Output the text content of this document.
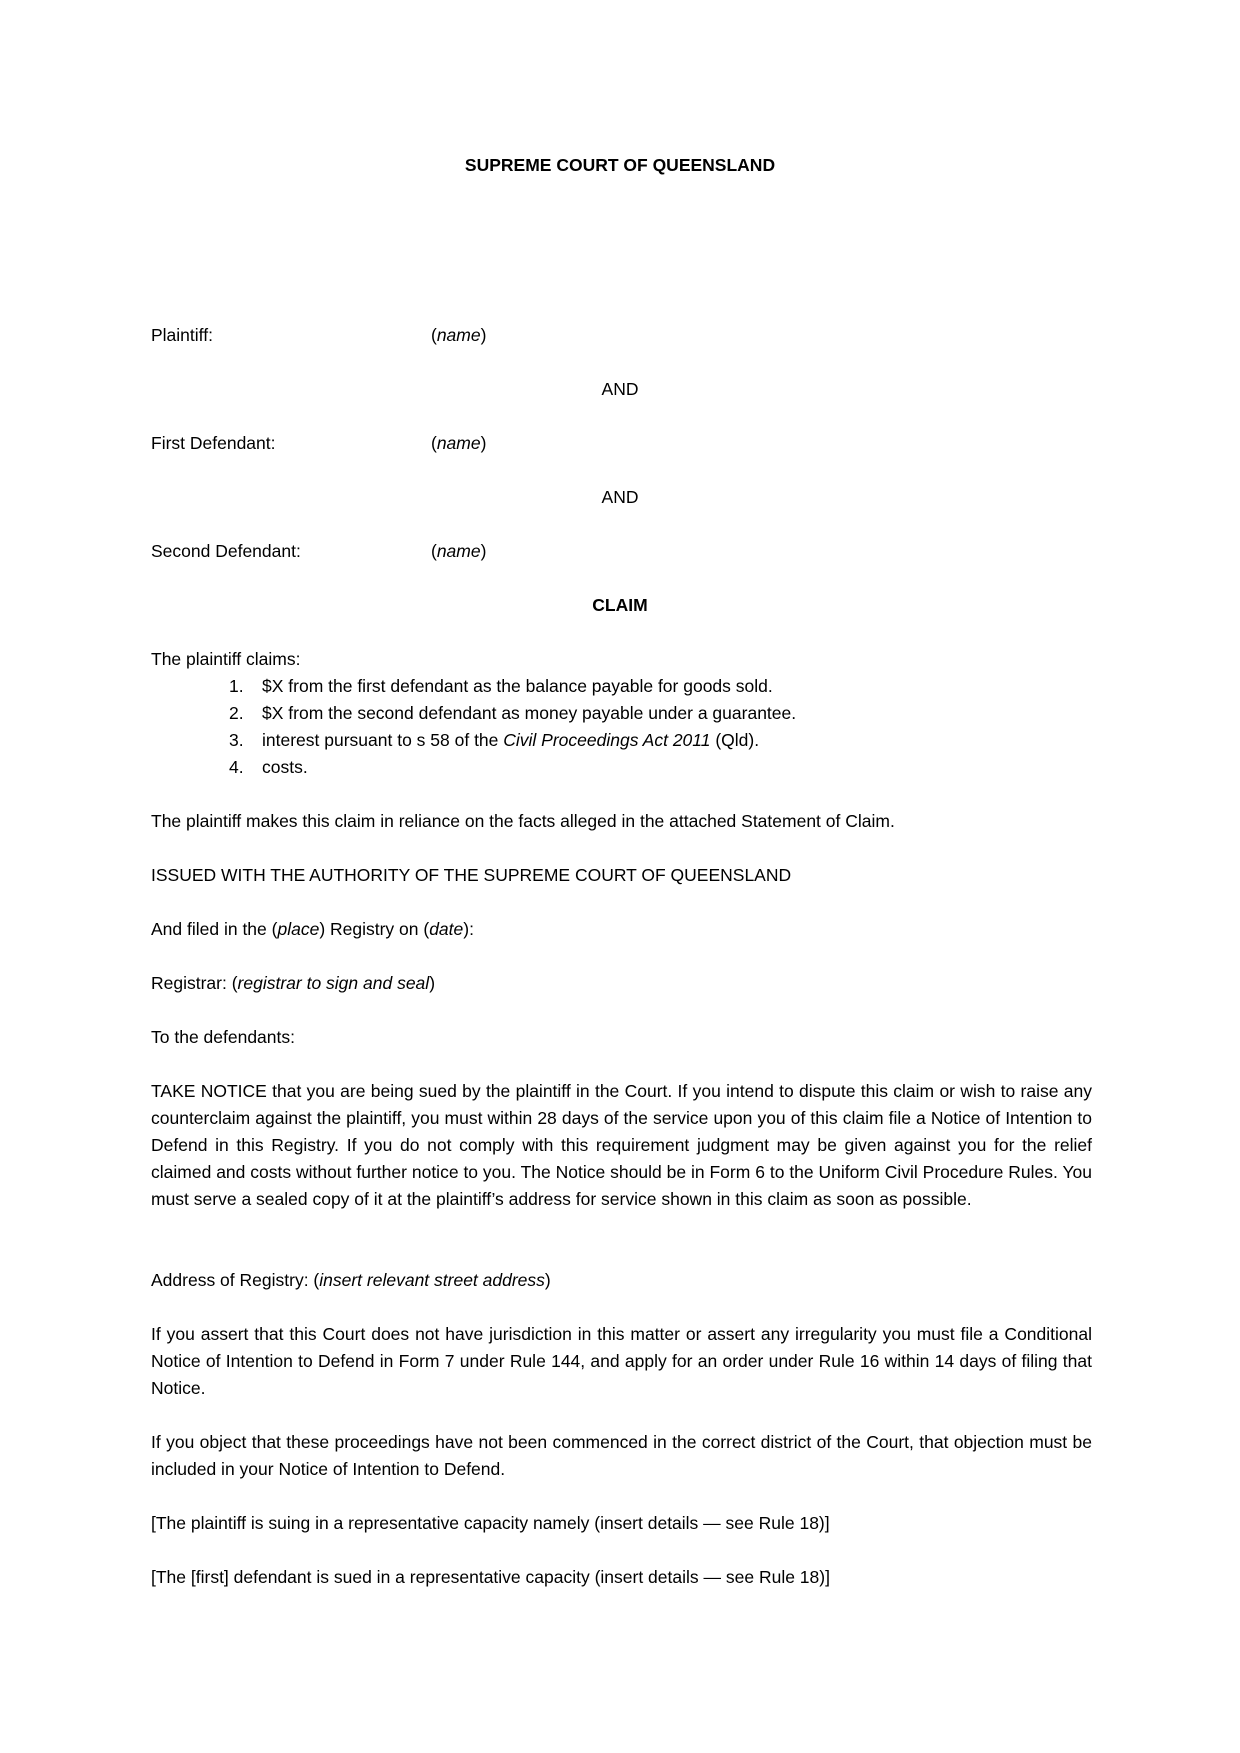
SUPREME COURT OF QUEENSLAND
Plaintiff:	(name)
AND
First Defendant:	(name)
AND
Second Defendant:	(name)
CLAIM
The plaintiff claims:
1. $X from the first defendant as the balance payable for goods sold.
2. $X from the second defendant as money payable under a guarantee.
3. interest pursuant to s 58 of the Civil Proceedings Act 2011 (Qld).
4. costs.
The plaintiff makes this claim in reliance on the facts alleged in the attached Statement of Claim.
ISSUED WITH THE AUTHORITY OF THE SUPREME COURT OF QUEENSLAND
And filed in the (place) Registry on (date):
Registrar: (registrar to sign and seal)
To the defendants:
TAKE NOTICE that you are being sued by the plaintiff in the Court. If you intend to dispute this claim or wish to raise any counterclaim against the plaintiff, you must within 28 days of the service upon you of this claim file a Notice of Intention to Defend in this Registry. If you do not comply with this requirement judgment may be given against you for the relief claimed and costs without further notice to you. The Notice should be in Form 6 to the Uniform Civil Procedure Rules. You must serve a sealed copy of it at the plaintiff’s address for service shown in this claim as soon as possible.
Address of Registry: (insert relevant street address)
If you assert that this Court does not have jurisdiction in this matter or assert any irregularity you must file a Conditional Notice of Intention to Defend in Form 7 under Rule 144, and apply for an order under Rule 16 within 14 days of filing that Notice.
If you object that these proceedings have not been commenced in the correct district of the Court, that objection must be included in your Notice of Intention to Defend.
[The plaintiff is suing in a representative capacity namely (insert details — see Rule 18)]
[The [first] defendant is sued in a representative capacity (insert details — see Rule 18)]
